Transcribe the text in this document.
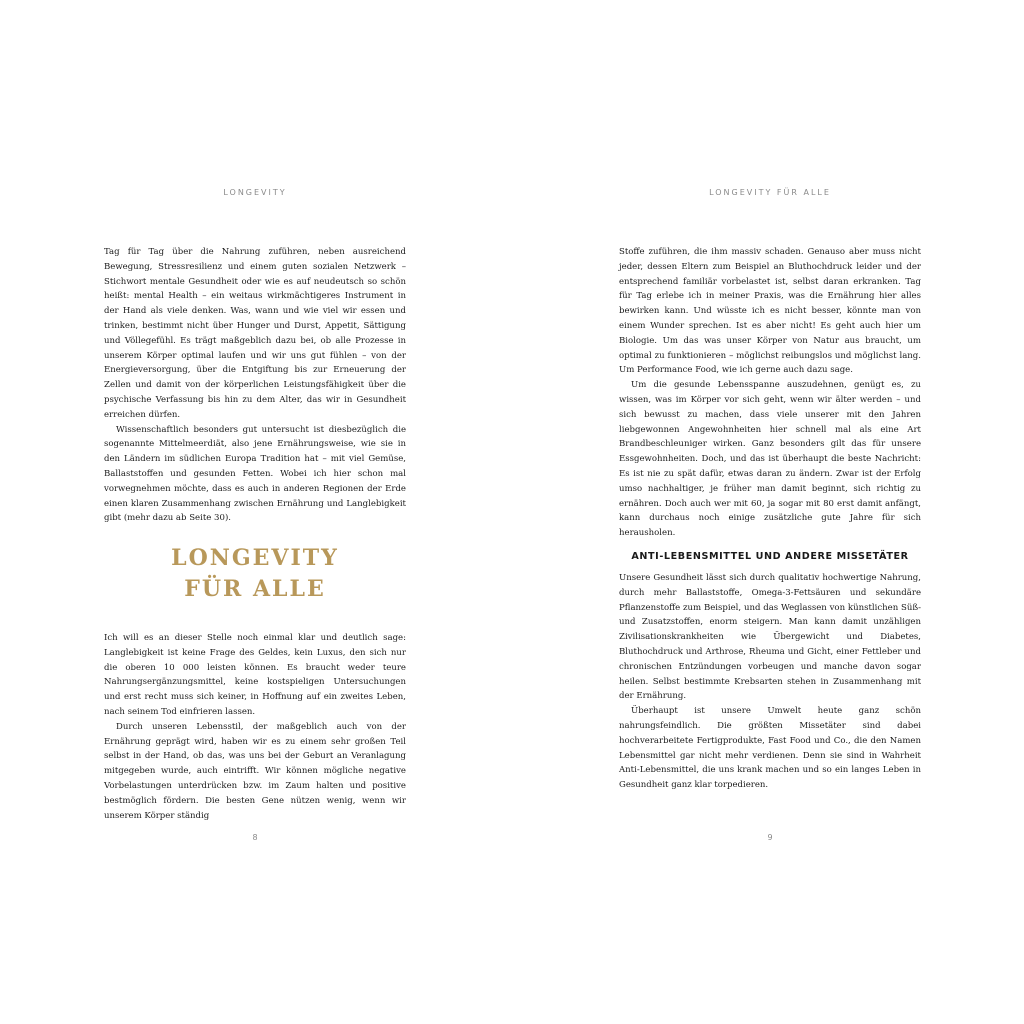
LONGEVITY

Tag für Tag über die Nahrung zuführen, neben ausreichend Bewegung, Stressresilienz und einem guten sozialen Netzwerk – Stichwort mentale Gesundheit oder wie es auf neudeutsch so schön heißt: mental Health – ein weitaus wirkmächtigeres Instrument in der Hand als viele denken. Was, wann und wie viel wir essen und trinken, bestimmt nicht über Hunger und Durst, Appetit, Sättigung und Völlegefühl. Es trägt maßgeblich dazu bei, ob alle Prozesse in unserem Körper optimal laufen und wir uns gut fühlen – von der Energieversorgung, über die Entgiftung bis zur Erneuerung der Zellen und damit von der körperlichen Leistungsfähigkeit über die psychische Verfassung bis hin zu dem Alter, das wir in Gesundheit erreichen dürfen.

Wissenschaftlich besonders gut untersucht ist diesbezüglich die sogenannte Mittelmeerdiät, also jene Ernährungsweise, wie sie in den Ländern im südlichen Europa Tradition hat – mit viel Gemüse, Ballaststoffen und gesunden Fetten. Wobei ich hier schon mal vorwegnehmen möchte, dass es auch in anderen Regionen der Erde einen klaren Zusammenhang zwischen Ernährung und Langlebigkeit gibt (mehr dazu ab Seite 30).

LONGEVITY
FÜR ALLE

Ich will es an dieser Stelle noch einmal klar und deutlich sage: Langlebigkeit ist keine Frage des Geldes, kein Luxus, den sich nur die oberen 10 000 leisten können. Es braucht weder teure Nahrungsergänzungsmittel, keine kostspieligen Untersuchungen und erst recht muss sich keiner, in Hoffnung auf ein zweites Leben, nach seinem Tod einfrieren lassen.

Durch unseren Lebensstil, der maßgeblich auch von der Ernährung geprägt wird, haben wir es zu einem sehr großen Teil selbst in der Hand, ob das, was uns bei der Geburt an Veranlagung mitgegeben wurde, auch eintrifft. Wir können mögliche negative Vorbelastungen unterdrücken bzw. im Zaum halten und positive bestmöglich fördern. Die besten Gene nützen wenig, wenn wir unserem Körper ständig

8
LONGEVITY FÜR ALLE

Stoffe zuführen, die ihm massiv schaden. Genauso aber muss nicht jeder, dessen Eltern zum Beispiel an Bluthochdruck leider und der entsprechend familiär vorbelastet ist, selbst daran erkranken. Tag für Tag erlebe ich in meiner Praxis, was die Ernährung hier alles bewirken kann. Und wüsste ich es nicht besser, könnte man von einem Wunder sprechen. Ist es aber nicht! Es geht auch hier um Biologie. Um das was unser Körper von Natur aus braucht, um optimal zu funktionieren – möglichst reibungslos und möglichst lang. Um Performance Food, wie ich gerne auch dazu sage.

Um die gesunde Lebensspanne auszudehnen, genügt es, zu wissen, was im Körper vor sich geht, wenn wir älter werden – und sich bewusst zu machen, dass viele unserer mit den Jahren liebgewonnen Angewohnheiten hier schnell mal als eine Art Brandbeschleuniger wirken. Ganz besonders gilt das für unsere Essgewohnheiten. Doch, und das ist überhaupt die beste Nachricht: Es ist nie zu spät dafür, etwas daran zu ändern. Zwar ist der Erfolg umso nachhaltiger, je früher man damit beginnt, sich richtig zu ernähren. Doch auch wer mit 60, ja sogar mit 80 erst damit anfängt, kann durchaus noch einige zusätzliche gute Jahre für sich herausholen.

ANTI-LEBENSMITTEL UND ANDERE MISSETÄTER

Unsere Gesundheit lässt sich durch qualitativ hochwertige Nahrung, durch mehr Ballaststoffe, Omega-3-Fettsäuren und sekundäre Pflanzenstoffe zum Beispiel, und das Weglassen von künstlichen Süß- und Zusatzstoffen, enorm steigern. Man kann damit unzähligen Zivilisationskrankheiten wie Übergewicht und Diabetes, Bluthochdruck und Arthrose, Rheuma und Gicht, einer Fettleber und chronischen Entzündungen vorbeugen und manche davon sogar heilen. Selbst bestimmte Krebsarten stehen in Zusammenhang mit der Ernährung.

Überhaupt ist unsere Umwelt heute ganz schön nahrungsfeindlich. Die größten Missetäter sind dabei hochverarbeitete Fertigprodukte, Fast Food und Co., die den Namen Lebensmittel gar nicht mehr verdienen. Denn sie sind in Wahrheit Anti-Lebensmittel, die uns krank machen und so ein langes Leben in Gesundheit ganz klar torpedieren.

9
